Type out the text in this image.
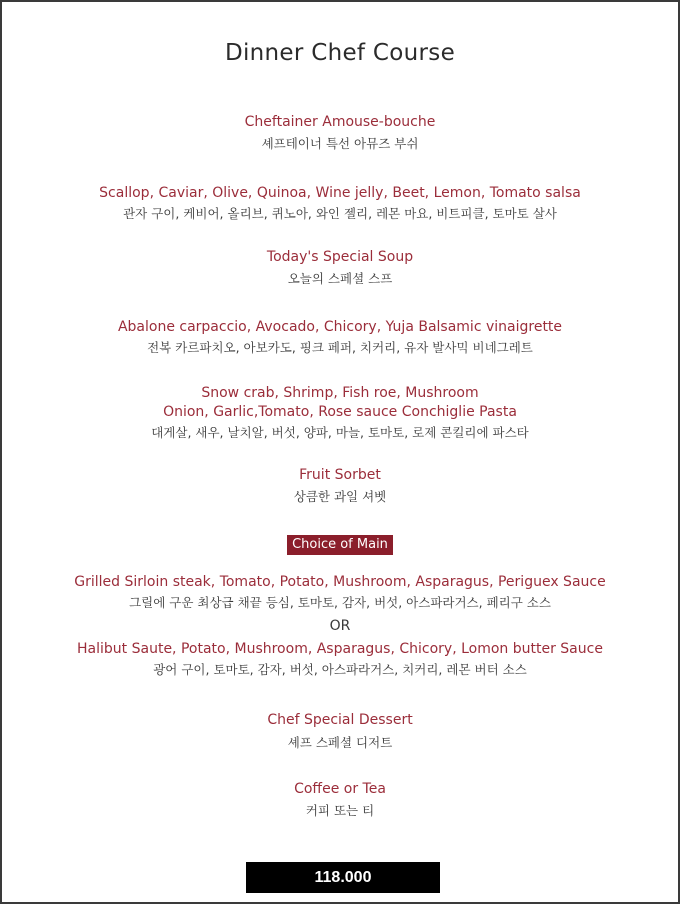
Dinner Chef Course
Cheftainer Amouse-bouche
셰프테이너 특선 아뮤즈 부쉬
Scallop, Caviar, Olive, Quinoa, Wine jelly, Beet, Lemon, Tomato salsa
관자 구이, 케비어, 올리브, 퀴노아, 와인 젤리, 레몬 마요, 비트피클, 토마토 살사
Today's Special Soup
오늘의 스페셜 스프
Abalone carpaccio, Avocado, Chicory, Yuja Balsamic vinaigrette
전복 카르파치오, 아보카도, 핑크 페퍼, 치커리, 유자 발사믹 비네그레트
Snow crab, Shrimp, Fish roe, Mushroom
Onion, Garlic,Tomato, Rose sauce Conchiglie Pasta
대게살, 새우, 날치알, 버섯, 양파, 마늘, 토마토, 로제 콘킬리에 파스타
Fruit Sorbet
상큼한 과일 셔벳
Choice of Main
Grilled Sirloin steak, Tomato, Potato, Mushroom, Asparagus, Periguex Sauce
그릴에 구운 최상급 채끝 등심, 토마토, 감자, 버섯, 아스파라거스, 페리구 소스
OR
Halibut Saute, Potato, Mushroom, Asparagus, Chicory, Lomon butter Sauce
광어 구이, 토마토, 감자, 버섯, 아스파라거스, 치커리, 레몬 버터 소스
Chef Special Dessert
셰프 스페셜 디저트
Coffee or Tea
커피 또는 티
118.000
